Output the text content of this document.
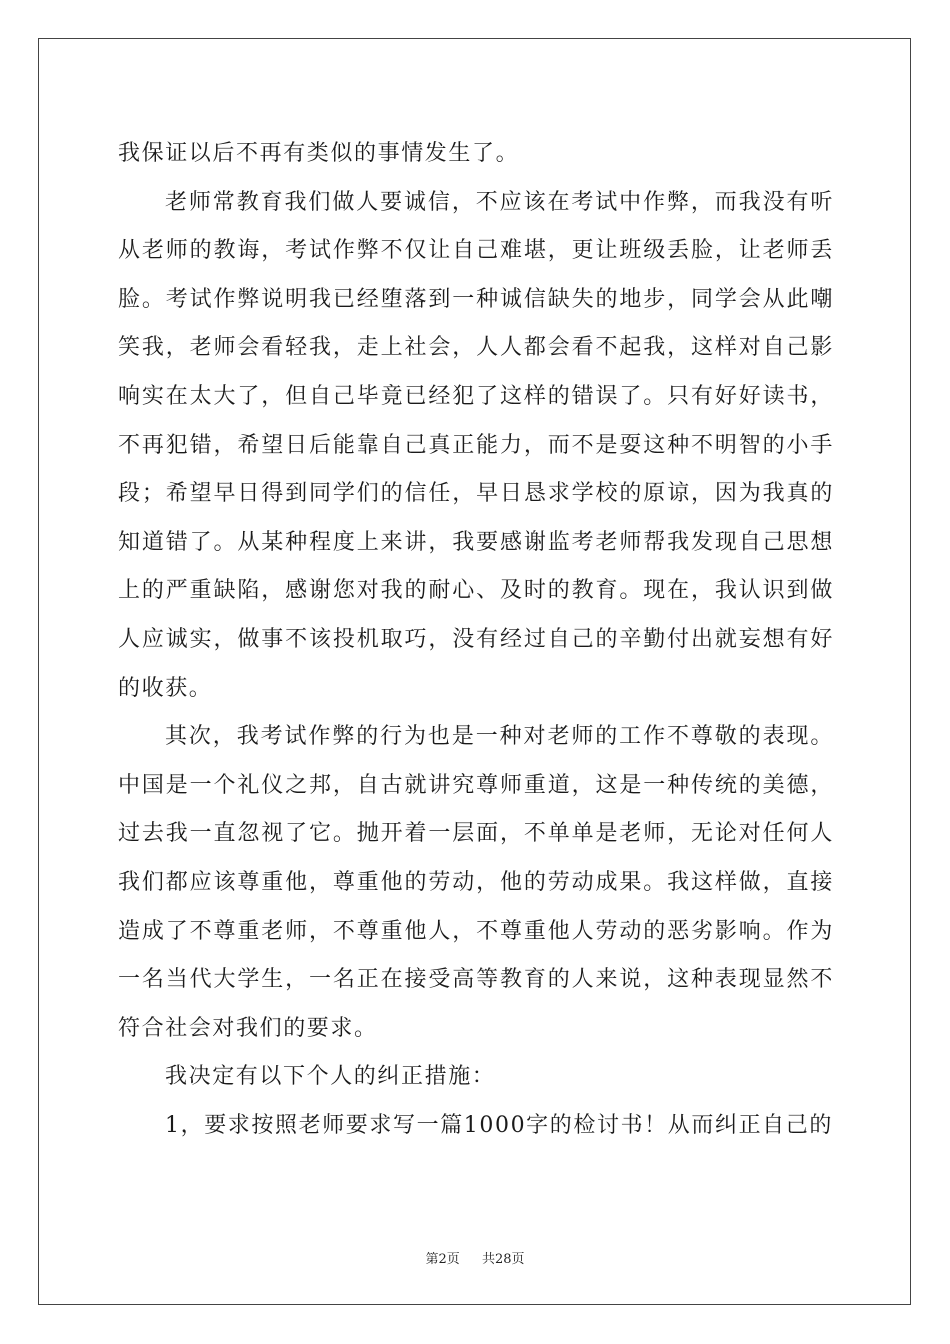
我保证以后不再有类似的事情发生了。

老师常教育我们做人要诚信，不应该在考试中作弊，而我没有听从老师的教诲，考试作弊不仅让自己难堪，更让班级丢脸，让老师丢脸。考试作弊说明我已经堕落到一种诚信缺失的地步，同学会从此嘲笑我，老师会看轻我，走上社会，人人都会看不起我，这样对自己影响实在太大了，但自己毕竟已经犯了这样的错误了。只有好好读书，不再犯错，希望日后能靠自己真正能力，而不是耍这种不明智的小手段；希望早日得到同学们的信任，早日恳求学校的原谅，因为我真的知道错了。从某种程度上来讲，我要感谢监考老师帮我发现自己思想上的严重缺陷，感谢您对我的耐心、及时的教育。现在，我认识到做人应诚实，做事不该投机取巧，没有经过自己的辛勤付出就妄想有好的收获。

其次，我考试作弊的行为也是一种对老师的工作不尊敬的表现。中国是一个礼仪之邦，自古就讲究尊师重道，这是一种传统的美德，过去我一直忽视了它。抛开着一层面，不单单是老师，无论对任何人我们都应该尊重他，尊重他的劳动，他的劳动成果。我这样做，直接造成了不尊重老师，不尊重他人，不尊重他人劳动的恶劣影响。作为一名当代大学生，一名正在接受高等教育的人来说，这种表现显然不符合社会对我们的要求。

我决定有以下个人的纠正措施：

1，要求按照老师要求写一篇1000字的检讨书！从而纠正自己的

第2页 共28页
